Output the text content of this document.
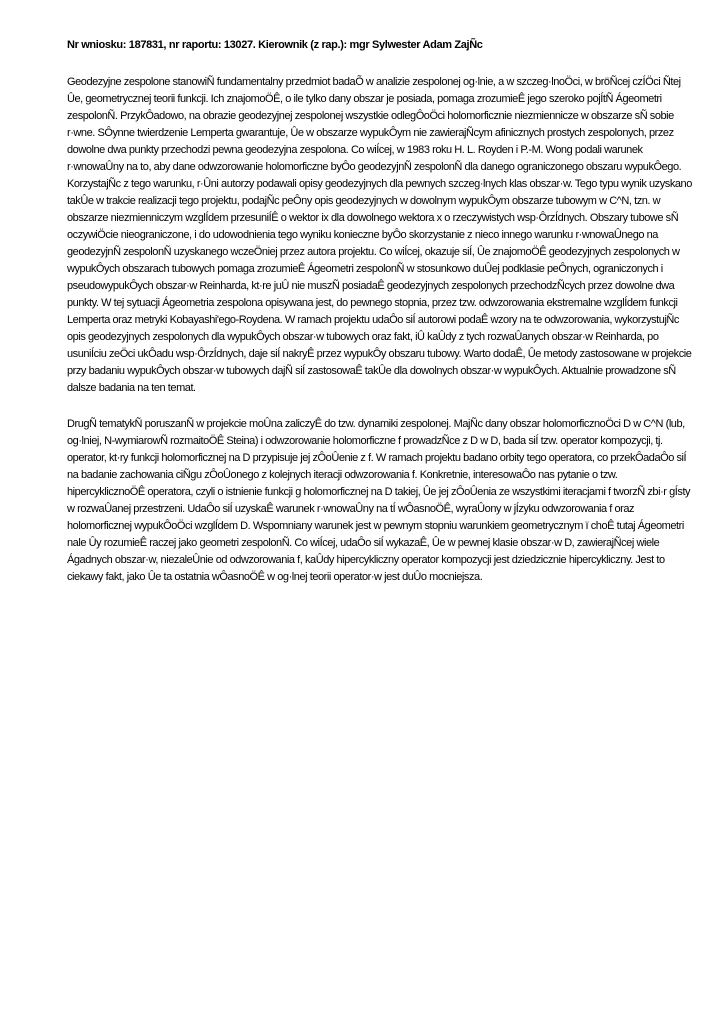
Nr wniosku: 187831, nr raportu: 13027. Kierownik (z rap.): mgr Sylwester Adam ZajÑc

Geodezyjne zespolone stanowiÑ fundamentalny przedmiot badaÕ w analizie zespolonej og·lnie, a w szczeg·lnoÖci, w bröÑcej czÍÖci Ñtej Ûe, geometrycznej teorii funkcji. Ich znajomoÖÊ, o ile tylko dany obszar je posiada, pomaga zrozumieÊ jego szeroko pojÍtÑ Ágeometri zespolonÑ. PrzykÔadowo, na obrazie geodezyjnej zespolonej wszystkie odlegÔoÖci holomorficznie niezmiennicze w obszarze sÑ sobie r·wne. SÔynne twierdzenie Lemperta gwarantuje, Ûe w obszarze wypukÔym nie zawierajÑcym afinicznych prostych zespolonych, przez dowolne dwa punkty przechodzi pewna geodezyjna zespolona. Co wiÍcej, w 1983 roku H. L. Royden i P.-M. Wong podali warunek r·wnowaÛny na to, aby dane odwzorowanie holomorficzne byÔo geodezyjnÑ zespolonÑ dla danego ograniczonego obszaru wypukÔego. KorzystajÑc z tego warunku, r·Ûni autorzy podawali opisy geodezyjnych dla pewnych szczeg·lnych klas obszar·w. Tego typu wynik uzyskano takÛe w trakcie realizacji tego projektu, podajÑc peÔny opis geodezyjnych w dowolnym wypukÔym obszarze tubowym w C^N, tzn. w obszarze niezmienniczym wzglÍdem przesuniÍÊ o wektor ix dla dowolnego wektora x o rzeczywistych wsp·ÔrzÍdnych. Obszary tubowe sÑ oczywiÖcie nieograniczone, i do udowodnienia tego wyniku konieczne byÔo skorzystanie z nieco innego warunku r·wnowaÛnego na geodezyjnÑ zespolonÑ uzyskanego wczeÖniej przez autora projektu. Co wiÍcej, okazuje siÍ, Ûe znajomoÖÊ geodezyjnych zespolonych w wypukÔych obszarach tubowych pomaga zrozumieÊ Ágeometri zespolonÑ w stosunkowo duÛej podklasie peÔnych, ograniczonych i pseudowypukÔych obszar·w Reinharda, kt·re juÛ nie muszÑ posiadaÊ geodezyjnych zespolonych przechodzÑcych przez dowolne dwa punkty. W tej sytuacji Ágeometria zespolona opisywana jest, do pewnego stopnia, przez tzw. odwzorowania ekstremalne wzglÍdem funkcji Lemperta oraz metryki Kobayashi'ego-Roydena. W ramach projektu udaÔo siÍ autorowi podaÊ wzory na te odwzorowania, wykorzystujÑc opis geodezyjnych zespolonych dla wypukÔych obszar·w tubowych oraz fakt, iÛ kaÛdy z tych rozwaÛanych obszar·w Reinharda, po usuniÍciu zeÖci ukÔadu wsp·ÔrzÍdnych, daje siÍ nakryÊ przez wypukÔy obszaru tubowy. Warto dodaÊ, Ûe metody zastosowane w projekcie przy badaniu wypukÔych obszar·w tubowych dajÑ siÍ zastosowaÊ takÛe dla dowolnych obszar·w wypukÔych. Aktualnie prowadzone sÑ dalsze badania na ten temat.

DrugÑ tematykÑ poruszanÑ w projekcie moÛna zaliczyÊ do tzw. dynamiki zespolonej. MajÑc dany obszar holomorficznoÖci D w C^N (lub, og·lniej, N-wymiarowÑ rozmaitoÖÊ Steina) i odwzorowanie holomorficzne f prowadzÑce z D w D, bada siÍ tzw. operator kompozycji, tj. operator, kt·ry funkcji holomorficznej na D przypisuje jej zÔoÛenie z f. W ramach projektu badano orbity tego operatora, co przekÔadaÔo siÍ na badanie zachowania ciÑgu zÔoÛonego z kolejnych iteracji odwzorowania f. Konkretnie, interesowaÔo nas pytanie o tzw. hipercyklicznoÖÊ operatora, czyli o istnienie funkcji g holomorficznej na D takiej, Ûe jej zÔoÛenia ze wszystkimi iteracjami f tworzÑ zbi·r gÍsty w rozwaÛanej przestrzeni. UdaÔo siÍ uzyskaÊ warunek r·wnowaÛny na tÍ wÔasnoÖÊ, wyraÛony w jÍzyku odwzorowania f oraz holomorficznej wypukÔoÖci wzglÍdem D. Wspomniany warunek jest w pewnym stopniu warunkiem geometrycznym ï choÊ tutaj Ágeometri nale Ûy rozumieÊ raczej jako geometri zespolonÑ. Co wiÍcej, udaÔo siÍ wykazaÊ, Ûe w pewnej klasie obszar·w D, zawierajÑcej wiele Ágadnych obszar·w, niezaleÛnie od odwzorowania f, kaÛdy hipercykliczny operator kompozycji jest dziedzicznie hipercykliczny. Jest to ciekawy fakt, jako Ûe ta ostatnia wÔasnoÖÊ w og·lnej teorii operator·w jest duÛo mocniejsza.
